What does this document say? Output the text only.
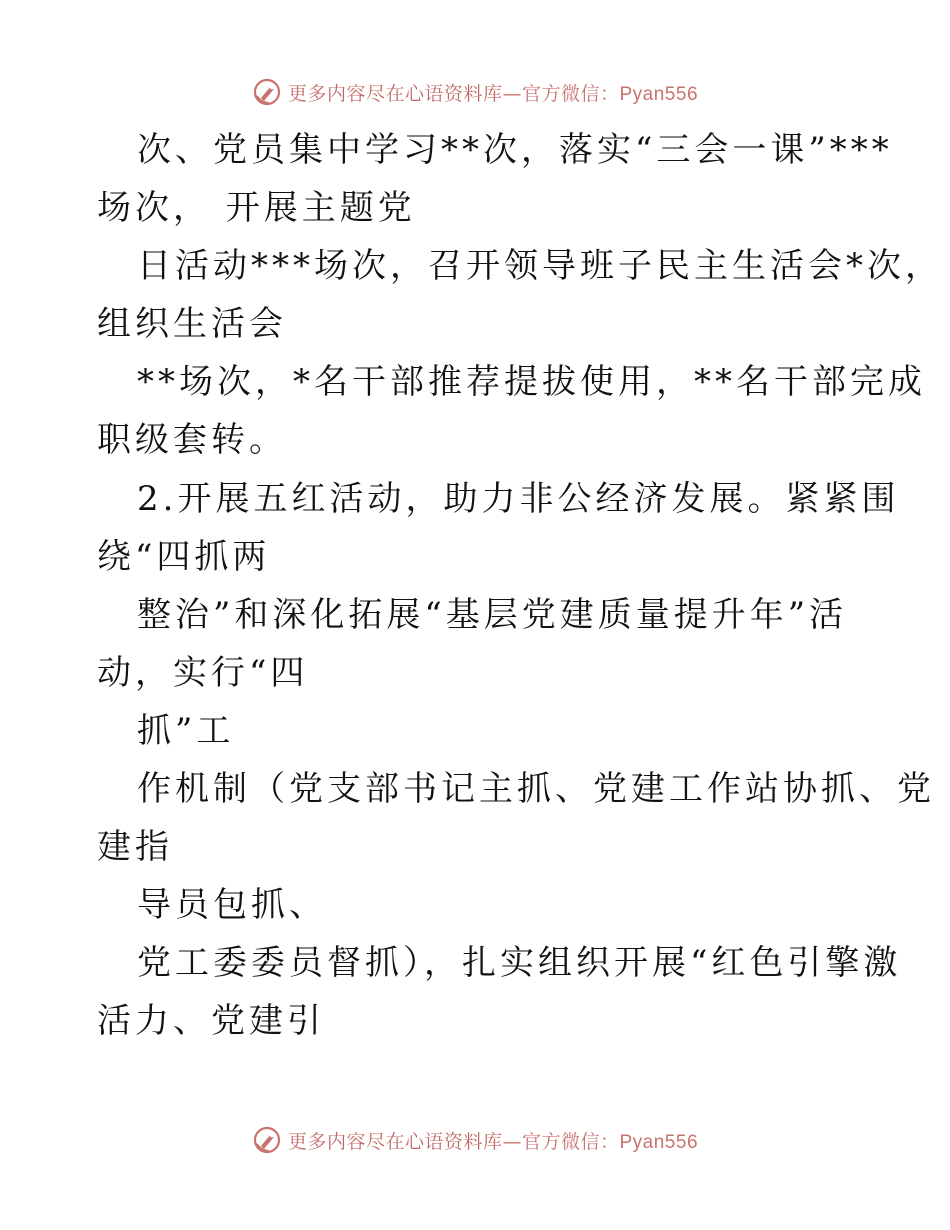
更多内容尽在心语资料库—官方微信：Pyan556
次、党员集中学习**次，落实“三会一课”***
场次， 开展主题党
日活动***场次，召开领导班子民主生活会*次，
组织生活会
**场次，*名干部推荐提拔使用，**名干部完成
职级套转。
2.开展五红活动，助力非公经济发展。紧紧围
绕“四抓两
整治”和深化拓展“基层党建质量提升年”活
动，实行“四
抓”工
作机制（党支部书记主抓、党建工作站协抓、党
建指
导员包抓、
党工委委员督抓），扎实组织开展“红色引擎激
活力、党建引
更多内容尽在心语资料库—官方微信：Pyan556
